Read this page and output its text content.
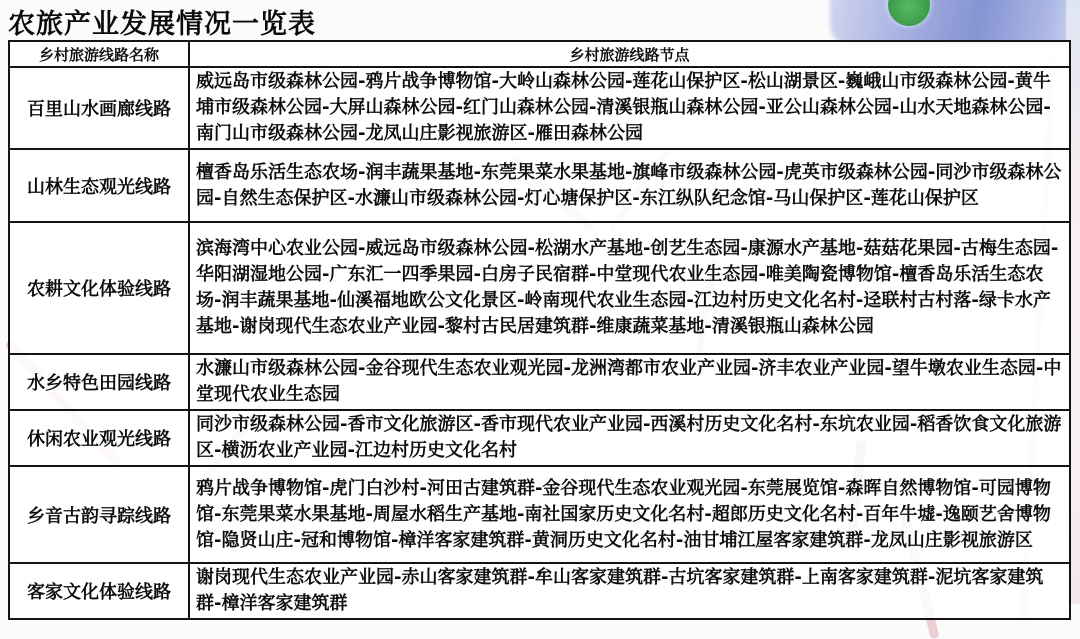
农旅产业发展情况一览表
乡村旅游线路名称	乡村旅游线路节点
百里山水画廊线路	威远岛市级森林公园-鸦片战争博物馆-大岭山森林公园-莲花山保护区-松山湖景区-巍峨山市级森林公园-黄牛埔市级森林公园-大屏山森林公园-红门山森林公园-清溪银瓶山森林公园-亚公山森林公园-山水天地森林公园-南门山市级森林公园-龙凤山庄影视旅游区-雁田森林公园
山林生态观光线路	檀香岛乐活生态农场-润丰蔬果基地-东莞果菜水果基地-旗峰市级森林公园-虎英市级森林公园-同沙市级森林公园-自然生态保护区-水濂山市级森林公园-灯心塘保护区-东江纵队纪念馆-马山保护区-莲花山保护区
农耕文化体验线路	滨海湾中心农业公园-威远岛市级森林公园-松湖水产基地-创艺生态园-康源水产基地-菇菇花果园-古梅生态园-华阳湖湿地公园-广东汇一四季果园-白房子民宿群-中堂现代农业生态园-唯美陶瓷博物馆-檀香岛乐活生态农场-润丰蔬果基地-仙溪福地欧公文化景区-岭南现代农业生态园-江边村历史文化名村-迳联村古村落-绿卡水产基地-谢岗现代生态农业产业园-黎村古民居建筑群-维康蔬菜基地-清溪银瓶山森林公园
水乡特色田园线路	水濂山市级森林公园-金谷现代生态农业观光园-龙洲湾都市农业产业园-济丰农业产业园-望牛墩农业生态园-中堂现代农业生态园
休闲农业观光线路	同沙市级森林公园-香市文化旅游区-香市现代农业产业园-西溪村历史文化名村-东坑农业园-稻香饮食文化旅游区-横沥农业产业园-江边村历史文化名村
乡音古韵寻踪线路	鸦片战争博物馆-虎门白沙村-河田古建筑群-金谷现代生态农业观光园-东莞展览馆-森晖自然博物馆-可园博物馆-东莞果菜水果基地-周屋水稻生产基地-南社国家历史文化名村-超郎历史文化名村-百年牛墟-逸颐艺舍博物馆-隐贤山庄-冠和博物馆-樟洋客家建筑群-黄洞历史文化名村-油甘埔江屋客家建筑群-龙凤山庄影视旅游区
客家文化体验线路	谢岗现代生态农业产业园-赤山客家建筑群-牟山客家建筑群-古坑客家建筑群-上南客家建筑群-泥坑客家建筑群-樟洋客家建筑群
